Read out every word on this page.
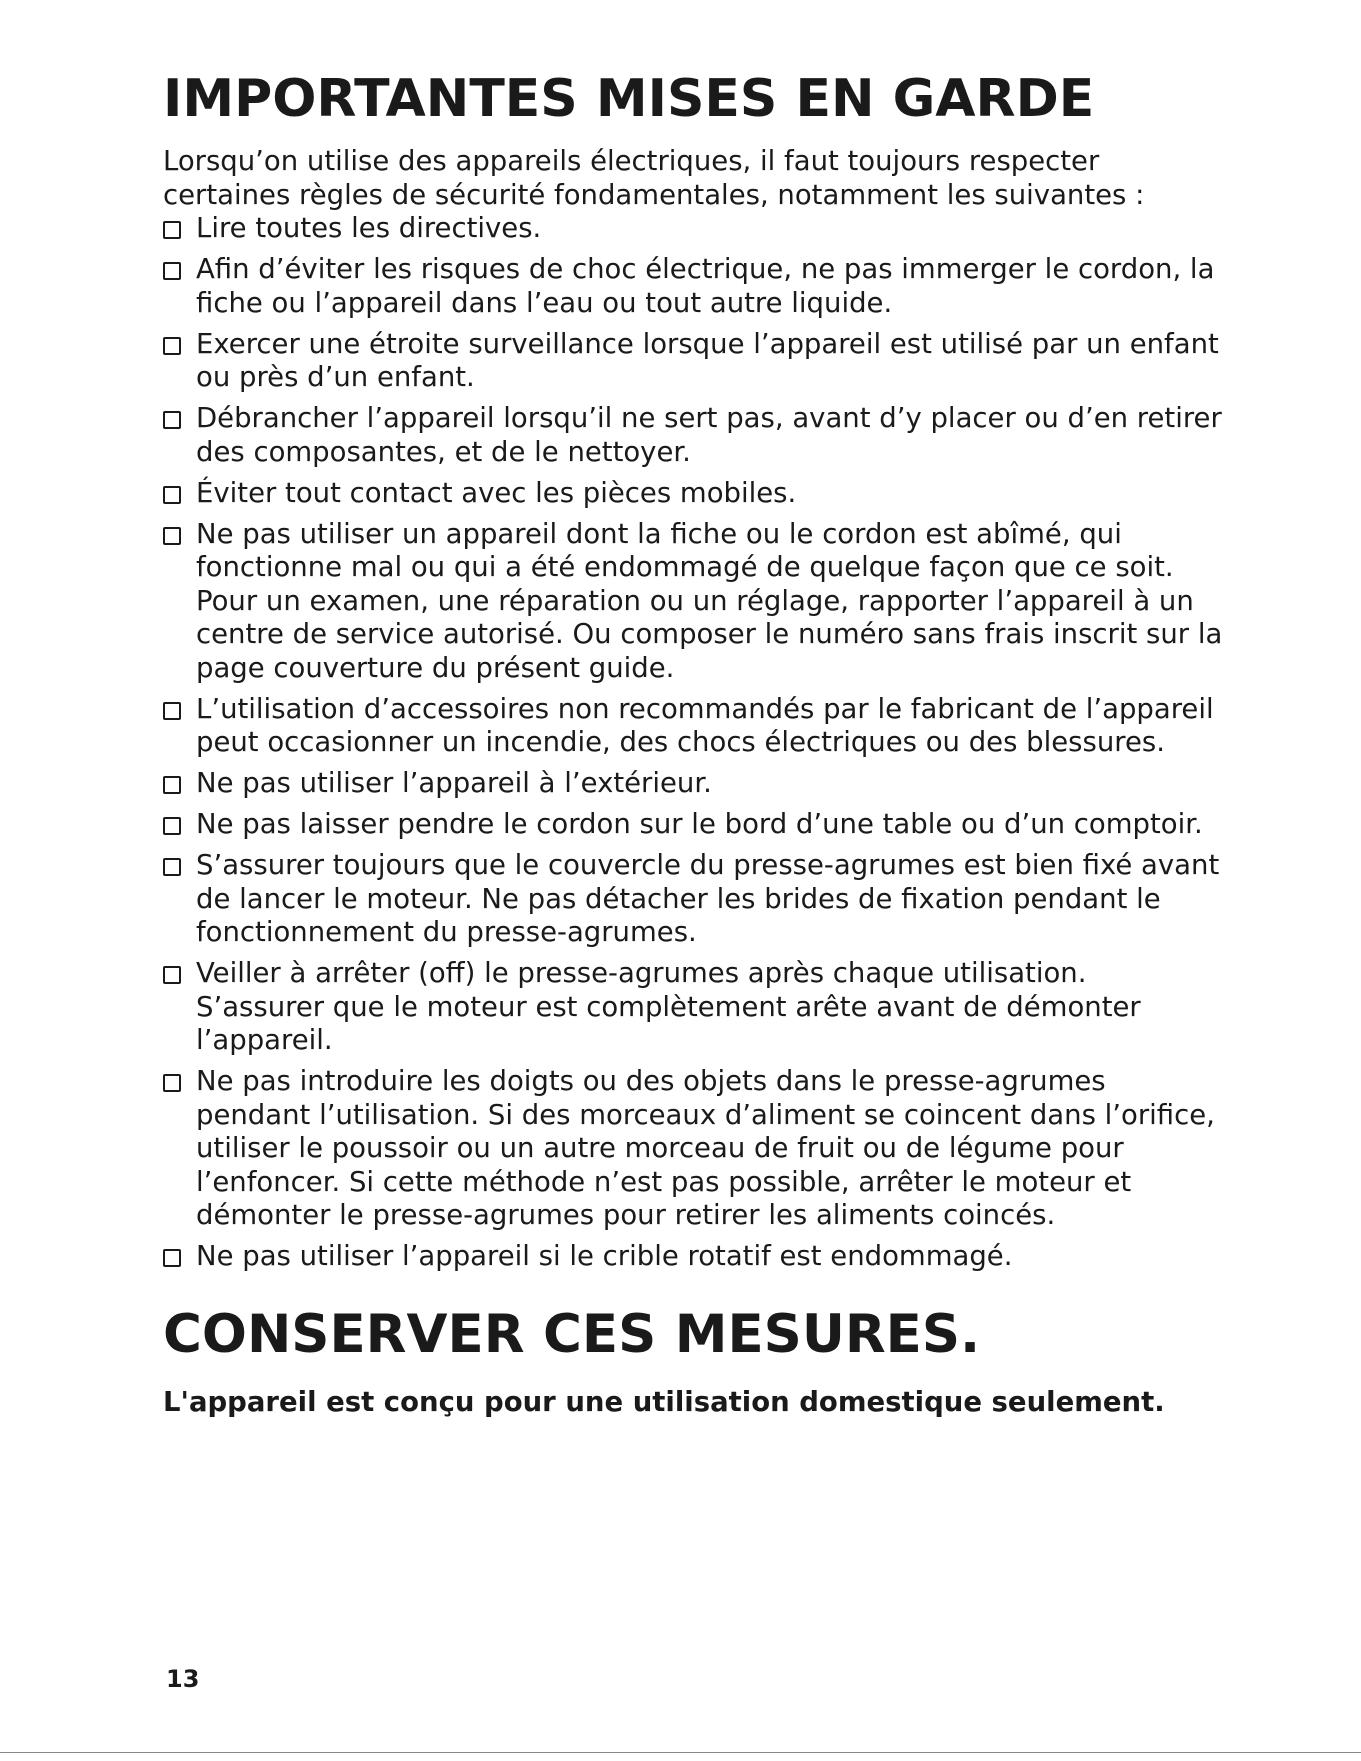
IMPORTANTES MISES EN GARDE

Lorsqu’on utilise des appareils électriques, il faut toujours respecter certaines règles de sécurité fondamentales, notamment les suivantes :

Lire toutes les directives.
Afin d’éviter les risques de choc électrique, ne pas immerger le cordon, la fiche ou l’appareil dans l’eau ou tout autre liquide.
Exercer une étroite surveillance lorsque l’appareil est utilisé par un enfant ou près d’un enfant.
Débrancher l’appareil lorsqu’il ne sert pas, avant d’y placer ou d’en retirer des composantes, et de le nettoyer.
Éviter tout contact avec les pièces mobiles.
Ne pas utiliser un appareil dont la fiche ou le cordon est abîmé, qui fonctionne mal ou qui a été endommagé de quelque façon que ce soit. Pour un examen, une réparation ou un réglage, rapporter l’appareil à un centre de service autorisé. Ou composer le numéro sans frais inscrit sur la page couverture du présent guide.
L’utilisation d’accessoires non recommandés par le fabricant de l’appareil peut occasionner un incendie, des chocs électriques ou des blessures.
Ne pas utiliser l’appareil à l’extérieur.
Ne pas laisser pendre le cordon sur le bord d’une table ou d’un comptoir.
S’assurer toujours que le couvercle du presse-agrumes est bien fixé avant de lancer le moteur. Ne pas détacher les brides de fixation pendant le fonctionnement du presse-agrumes.
Veiller à arrêter (off) le presse-agrumes après chaque utilisation. S’assurer que le moteur est complètement arête avant de démonter l’appareil.
Ne pas introduire les doigts ou des objets dans le presse-agrumes pendant l’utilisation. Si des morceaux d’aliment se coincent dans l’orifice, utiliser le poussoir ou un autre morceau de fruit ou de légume pour l’enfoncer. Si cette méthode n’est pas possible, arrêter le moteur et démonter le presse-agrumes pour retirer les aliments coincés.
Ne pas utiliser l’appareil si le crible rotatif est endommagé.
CONSERVER CES MESURES.

L'appareil est conçu pour une utilisation domestique seulement.

13
